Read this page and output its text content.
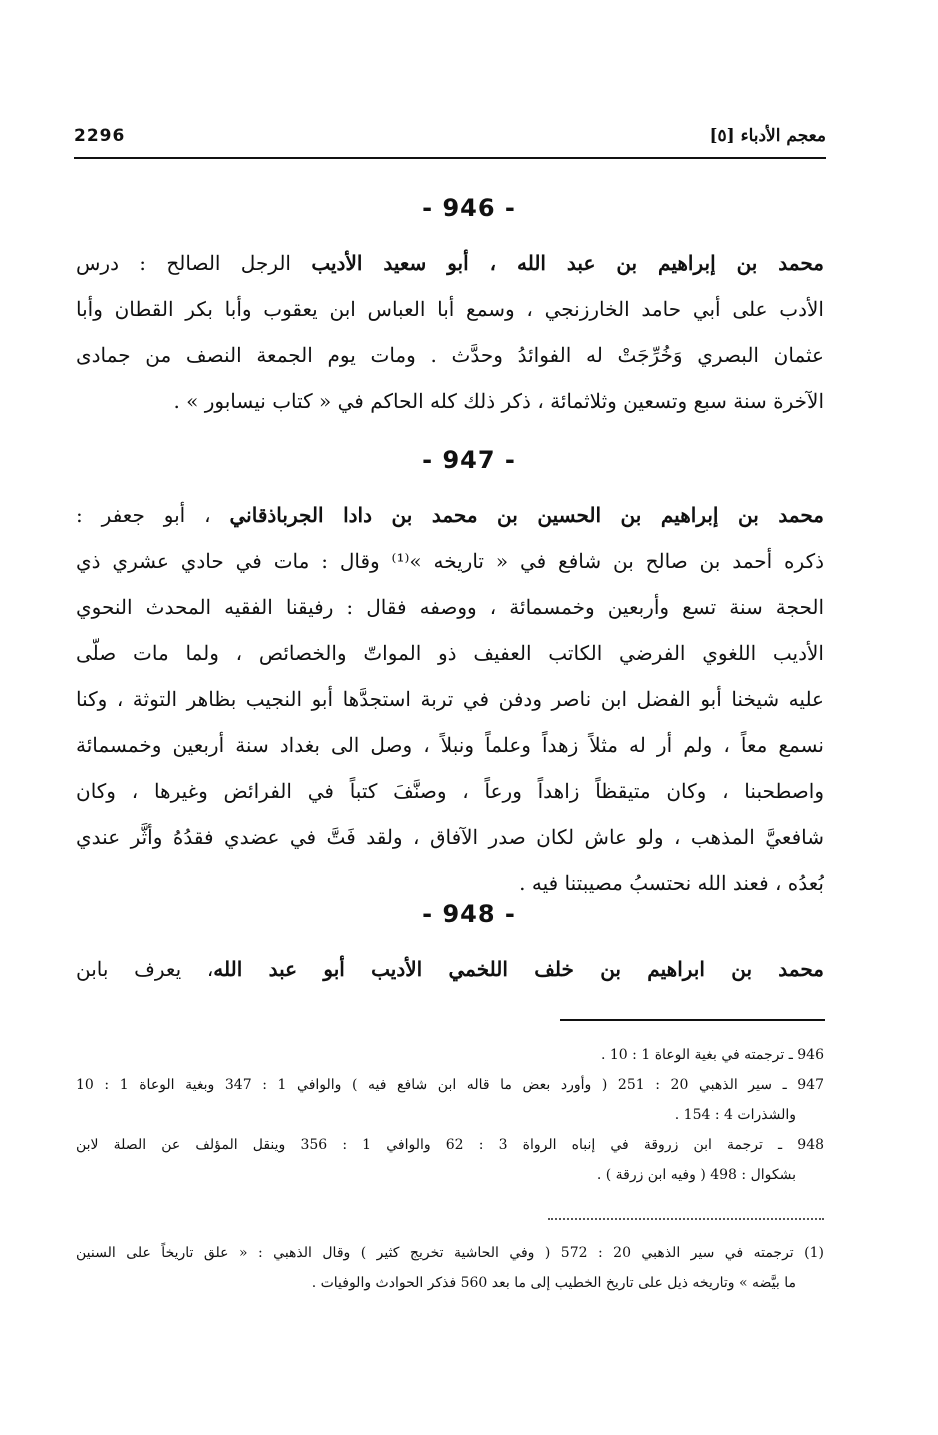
2296	معجم الأدباء [٥]
- 946 -
محمد بن إبراهيم بن عبد الله ، أبو سعيد الأديب الرجل الصالح : درس
الأدب على أبي حامد الخارزنجي ، وسمع أبا العباس ابن يعقوب وأبا بكر القطان وأبا
عثمان البصري وَخُرِّجَتْ له الفوائدُ وحدَّث . ومات يوم الجمعة النصف من جمادى
الآخرة سنة سبع وتسعين وثلاثمائة ، ذكر ذلك كله الحاكم في « كتاب نيسابور » .
- 947 -
محمد بن إبراهيم بن الحسين بن محمد بن دادا الجرباذقاني ، أبو جعفر :
ذكره أحمد بن صالح بن شافع في « تاريخه »⁽¹⁾ وقال : مات في حادي عشري ذي
الحجة سنة تسع وأربعين وخمسمائة ، ووصفه فقال : رفيقنا الفقيه المحدث النحوي
الأديب اللغوي الفرضي الكاتب العفيف ذو المواتّ والخصائص ، ولما مات صلّى
عليه شيخنا أبو الفضل ابن ناصر ودفن في تربة استجدَّها أبو النجيب بظاهر التوثة ، وكنا
نسمع معاً ، ولم أر له مثلاً زهداً وعلماً ونبلاً ، وصل الى بغداد سنة أربعين وخمسمائة
واصطحبنا ، وكان متيقظاً زاهداً ورعاً ، وصنَّفَ كتباً في الفرائض وغيرها ، وكان
شافعيَّ المذهب ، ولو عاش لكان صدر الآفاق ، ولقد فَتَّ في عضدي فقدُهُ وأثَّر عندي
بُعدُه ، فعند الله نحتسبُ مصيبتنا فيه .
- 948 -
محمد بن ابراهيم بن خلف اللخمي الأديب أبو عبد الله، يعرف بابن
946 ـ ترجمته في بغية الوعاة 1 : 10 .
947 ـ سير الذهبي 20 : 251 ( وأورد بعض ما قاله ابن شافع فيه ) والوافي 1 : 347 وبغية الوعاة 1 : 10
والشذرات 4 : 154 .
948 ـ ترجمة ابن زروقة في إنباه الرواة 3 : 62 والوافي 1 : 356 وينقل المؤلف عن الصلة لابن
بشكوال : 498 ( وفيه ابن زرقة ) .
(1) ترجمته في سير الذهبي 20 : 572 ( وفي الحاشية تخريج كثير ) وقال الذهبي : « علق تاريخاً على السنين
ما بيَّضه » وتاريخه ذيل على تاريخ الخطيب إلى ما بعد 560 فذكر الحوادث والوفيات .
